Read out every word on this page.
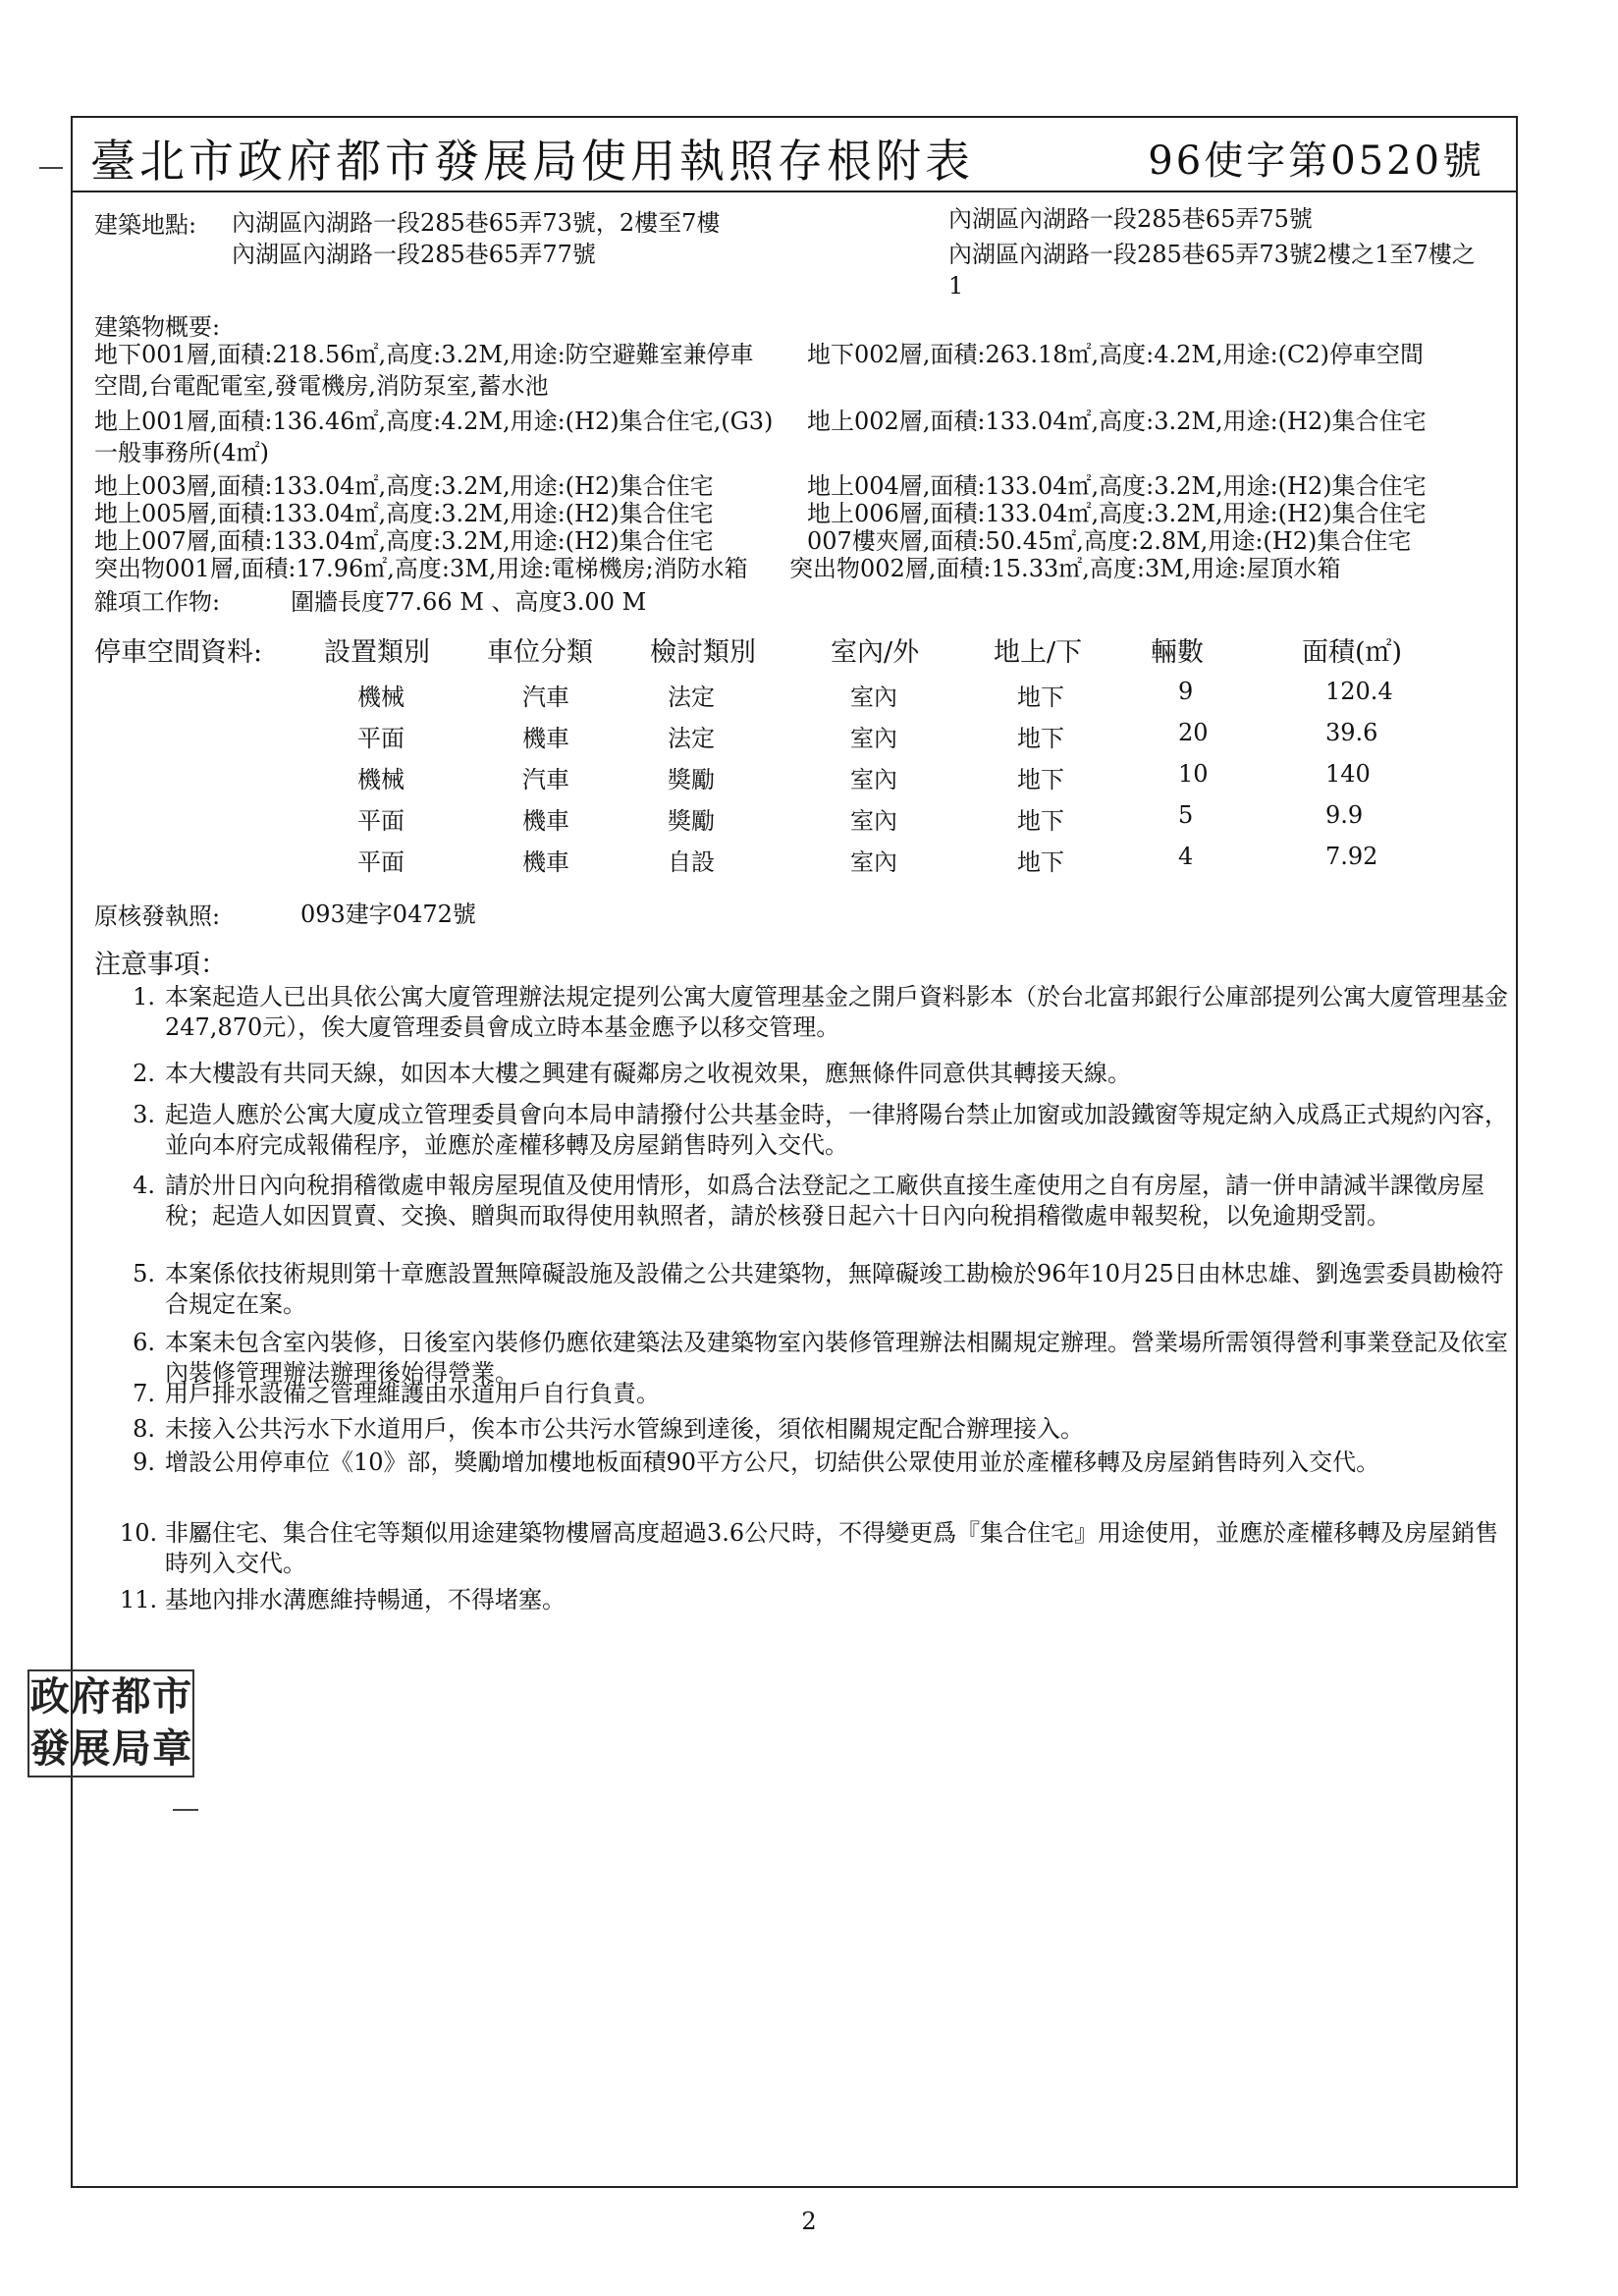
臺北市政府都市發展局使用執照存根附表	96使字第0520號
建築地點: 內湖區內湖路一段285巷65弄73號，2樓至7樓	內湖區內湖路一段285巷65弄75號
內湖區內湖路一段285巷65弄77號	內湖區內湖路一段285巷65弄73號2樓之1至7樓之
1
建築物概要:
地下001層,面積:218.56㎡,高度:3.2M,用途:防空避難室兼停車 地下002層,面積:263.18㎡,高度:4.2M,用途:(C2)停車空間
空間,台電配電室,發電機房,消防泵室,蓄水池
地上001層,面積:136.46㎡,高度:4.2M,用途:(H2)集合住宅,(G3) 地上002層,面積:133.04㎡,高度:3.2M,用途:(H2)集合住宅
一般事務所(4㎡)
地上003層,面積:133.04㎡,高度:3.2M,用途:(H2)集合住宅	地上004層,面積:133.04㎡,高度:3.2M,用途:(H2)集合住宅
地上005層,面積:133.04㎡,高度:3.2M,用途:(H2)集合住宅	地上006層,面積:133.04㎡,高度:3.2M,用途:(H2)集合住宅
地上007層,面積:133.04㎡,高度:3.2M,用途:(H2)集合住宅	007樓夾層,面積:50.45㎡,高度:2.8M,用途:(H2)集合住宅
突出物001層,面積:17.96㎡,高度:3M,用途:電梯機房;消防水箱 突出物002層,面積:15.33㎡,高度:3M,用途:屋頂水箱
雜項工作物:	圍牆長度77.66 M 、高度3.00 M
停車空間資料: 設置類別 車位分類 檢討類別	室內/外	地上/下	輛數	面積(㎡)
機械	汽車	法定	室內	地下	9	120.4
平面	機車	法定	室內	地下	20	39.6
機械	汽車	獎勵	室內	地下	10	140
平面	機車	獎勵	室內	地下	5	9.9
平面	機車	自設	室內	地下	4	7.92
原核發執照:	093建字0472號
注意事項：
1. 本案起造人已出具依公寓大廈管理辦法規定提列公寓大廈管理基金之開戶資料影本（於台北富邦銀行公庫部提列公寓大廈管理基金247,870元），俟大廈管理委員會成立時本基金應予以移交管理。
2. 本大樓設有共同天線，如因本大樓之興建有礙鄰房之收視效果，應無條件同意供其轉接天線。
3. 起造人應於公寓大廈成立管理委員會向本局申請撥付公共基金時，一律將陽台禁止加窗或加設鐵窗等規定納入成爲正式規約內容，並向本府完成報備程序，並應於產權移轉及房屋銷售時列入交代。
4. 請於卅日內向稅捐稽徵處申報房屋現值及使用情形，如爲合法登記之工廠供直接生產使用之自有房屋，請一併申請減半課徵房屋稅；起造人如因買賣、交換、贈與而取得使用執照者，請於核發日起六十日內向稅捐稽徵處申報契稅，以免逾期受罰。
5. 本案係依技術規則第十章應設置無障礙設施及設備之公共建築物，無障礙竣工勘檢於96年10月25日由林忠雄、劉逸雲委員勘檢符合規定在案。
6. 本案未包含室內裝修，日後室內裝修仍應依建築法及建築物室內裝修管理辦法相關規定辦理。營業場所需領得營利事業登記及依室內裝修管理辦法辦理後始得營業。
7. 用戶排水設備之管理維護由水道用戶自行負責。
8. 未接入公共污水下水道用戶，俟本市公共污水管線到達後，須依相關規定配合辦理接入。
9. 增設公用停車位《10》部，獎勵增加樓地板面積90平方公尺，切結供公眾使用並於產權移轉及房屋銷售時列入交代。
10. 非屬住宅、集合住宅等類似用途建築物樓層高度超過3.6公尺時，不得變更爲『集合住宅』用途使用，並應於產權移轉及房屋銷售時列入交代。
11. 基地內排水溝應維持暢通，不得堵塞。
政 府 都 市
發 展 局 章
2
